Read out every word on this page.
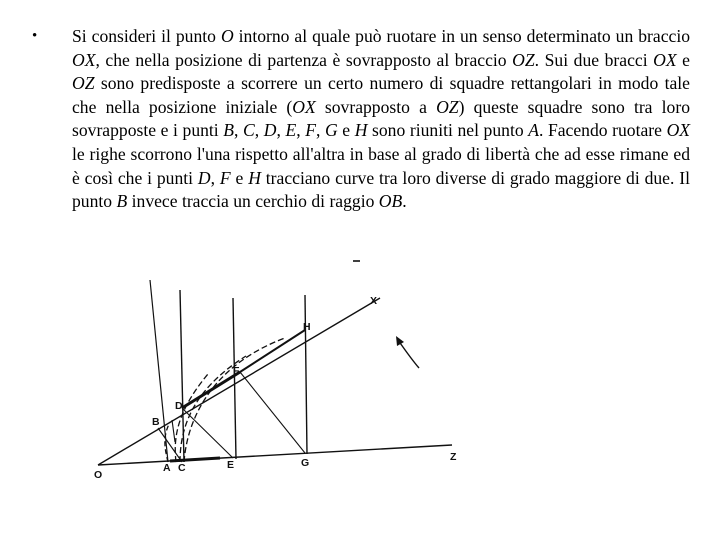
•	Si consideri il punto O intorno al quale può ruotare in un senso determinato un braccio OX, che nella posizione di partenza è sovrapposto al braccio OZ. Sui due bracci OX e OZ sono predisposte a scorrere un certo numero di squadre rettangolari in modo tale che nella posizione iniziale (OX sovrapposto a OZ) queste squadre sono tra loro sovrapposte e i punti B, C, D, E, F, G e H sono riuniti nel punto A. Facendo ruotare OX le righe scorrono l'una rispetto all'altra in base al grado di libertà che ad esse rimane ed è così che i punti D, F e H tracciano curve tra loro diverse di grado maggiore di due. Il punto B invece traccia un cerchio di raggio OB.
O
A C	E	G	Z
B
D
F
H
X
